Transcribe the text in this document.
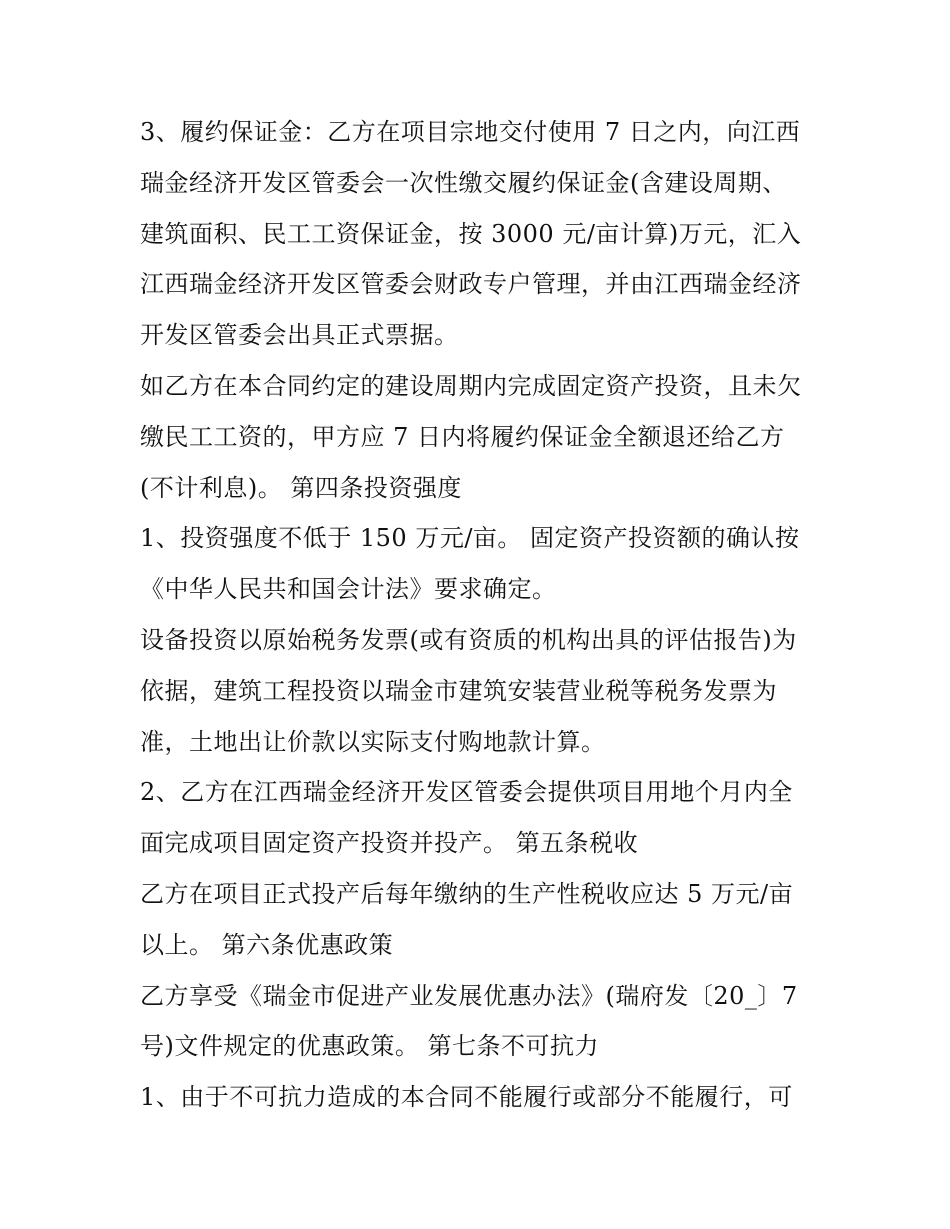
3、履约保证金：乙方在项目宗地交付使用 7 日之内，向江西
瑞金经济开发区管委会一次性缴交履约保证金(含建设周期、
建筑面积、民工工资保证金，按 3000 元/亩计算)万元，汇入
江西瑞金经济开发区管委会财政专户管理，并由江西瑞金经济
开发区管委会出具正式票据。
如乙方在本合同约定的建设周期内完成固定资产投资，且未欠
缴民工工资的，甲方应 7 日内将履约保证金全额退还给乙方
(不计利息)。 第四条投资强度
1、投资强度不低于 150 万元/亩。 固定资产投资额的确认按
《中华人民共和国会计法》要求确定。
设备投资以原始税务发票(或有资质的机构出具的评估报告)为
依据，建筑工程投资以瑞金市建筑安装营业税等税务发票为
准，土地出让价款以实际支付购地款计算。
2、乙方在江西瑞金经济开发区管委会提供项目用地个月内全
面完成项目固定资产投资并投产。 第五条税收
乙方在项目正式投产后每年缴纳的生产性税收应达 5 万元/亩
以上。 第六条优惠政策
乙方享受《瑞金市促进产业发展优惠办法》(瑞府发〔20_〕7
号)文件规定的优惠政策。 第七条不可抗力
1、由于不可抗力造成的本合同不能履行或部分不能履行，可
